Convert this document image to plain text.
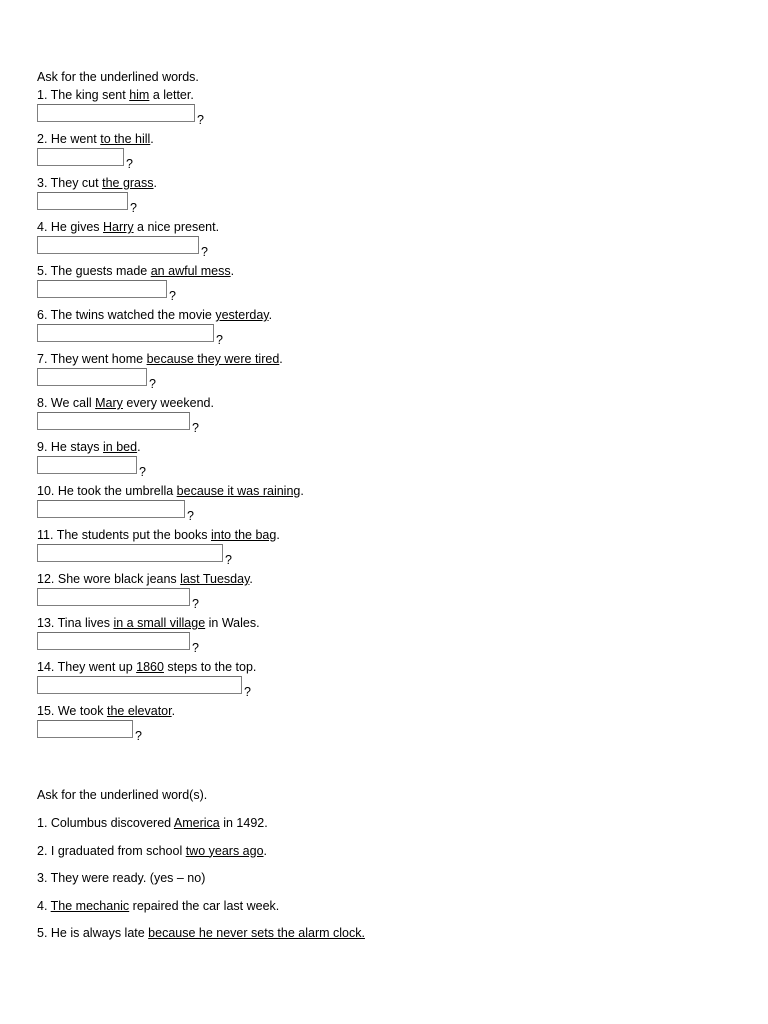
Ask for the underlined words.
1. The king sent him a letter.
?
2. He went to the hill.
?
3. They cut the grass.
?
4. He gives Harry a nice present.
?
5. The guests made an awful mess.
?
6. The twins watched the movie yesterday.
?
7. They went home because they were tired.
?
8. We call Mary every weekend.
?
9. He stays in bed.
?
10. He took the umbrella because it was raining.
?
11. The students put the books into the bag.
?
12. She wore black jeans last Tuesday.
?
13. Tina lives in a small village in Wales.
?
14. They went up 1860 steps to the top.
?
15. We took the elevator.
?
Ask for the underlined word(s).
1. Columbus discovered America in 1492.
2. I graduated from school two years ago.
3. They were ready. (yes – no)
4. The mechanic repaired the car last week.
5. He is always late because he never sets the alarm clock.
